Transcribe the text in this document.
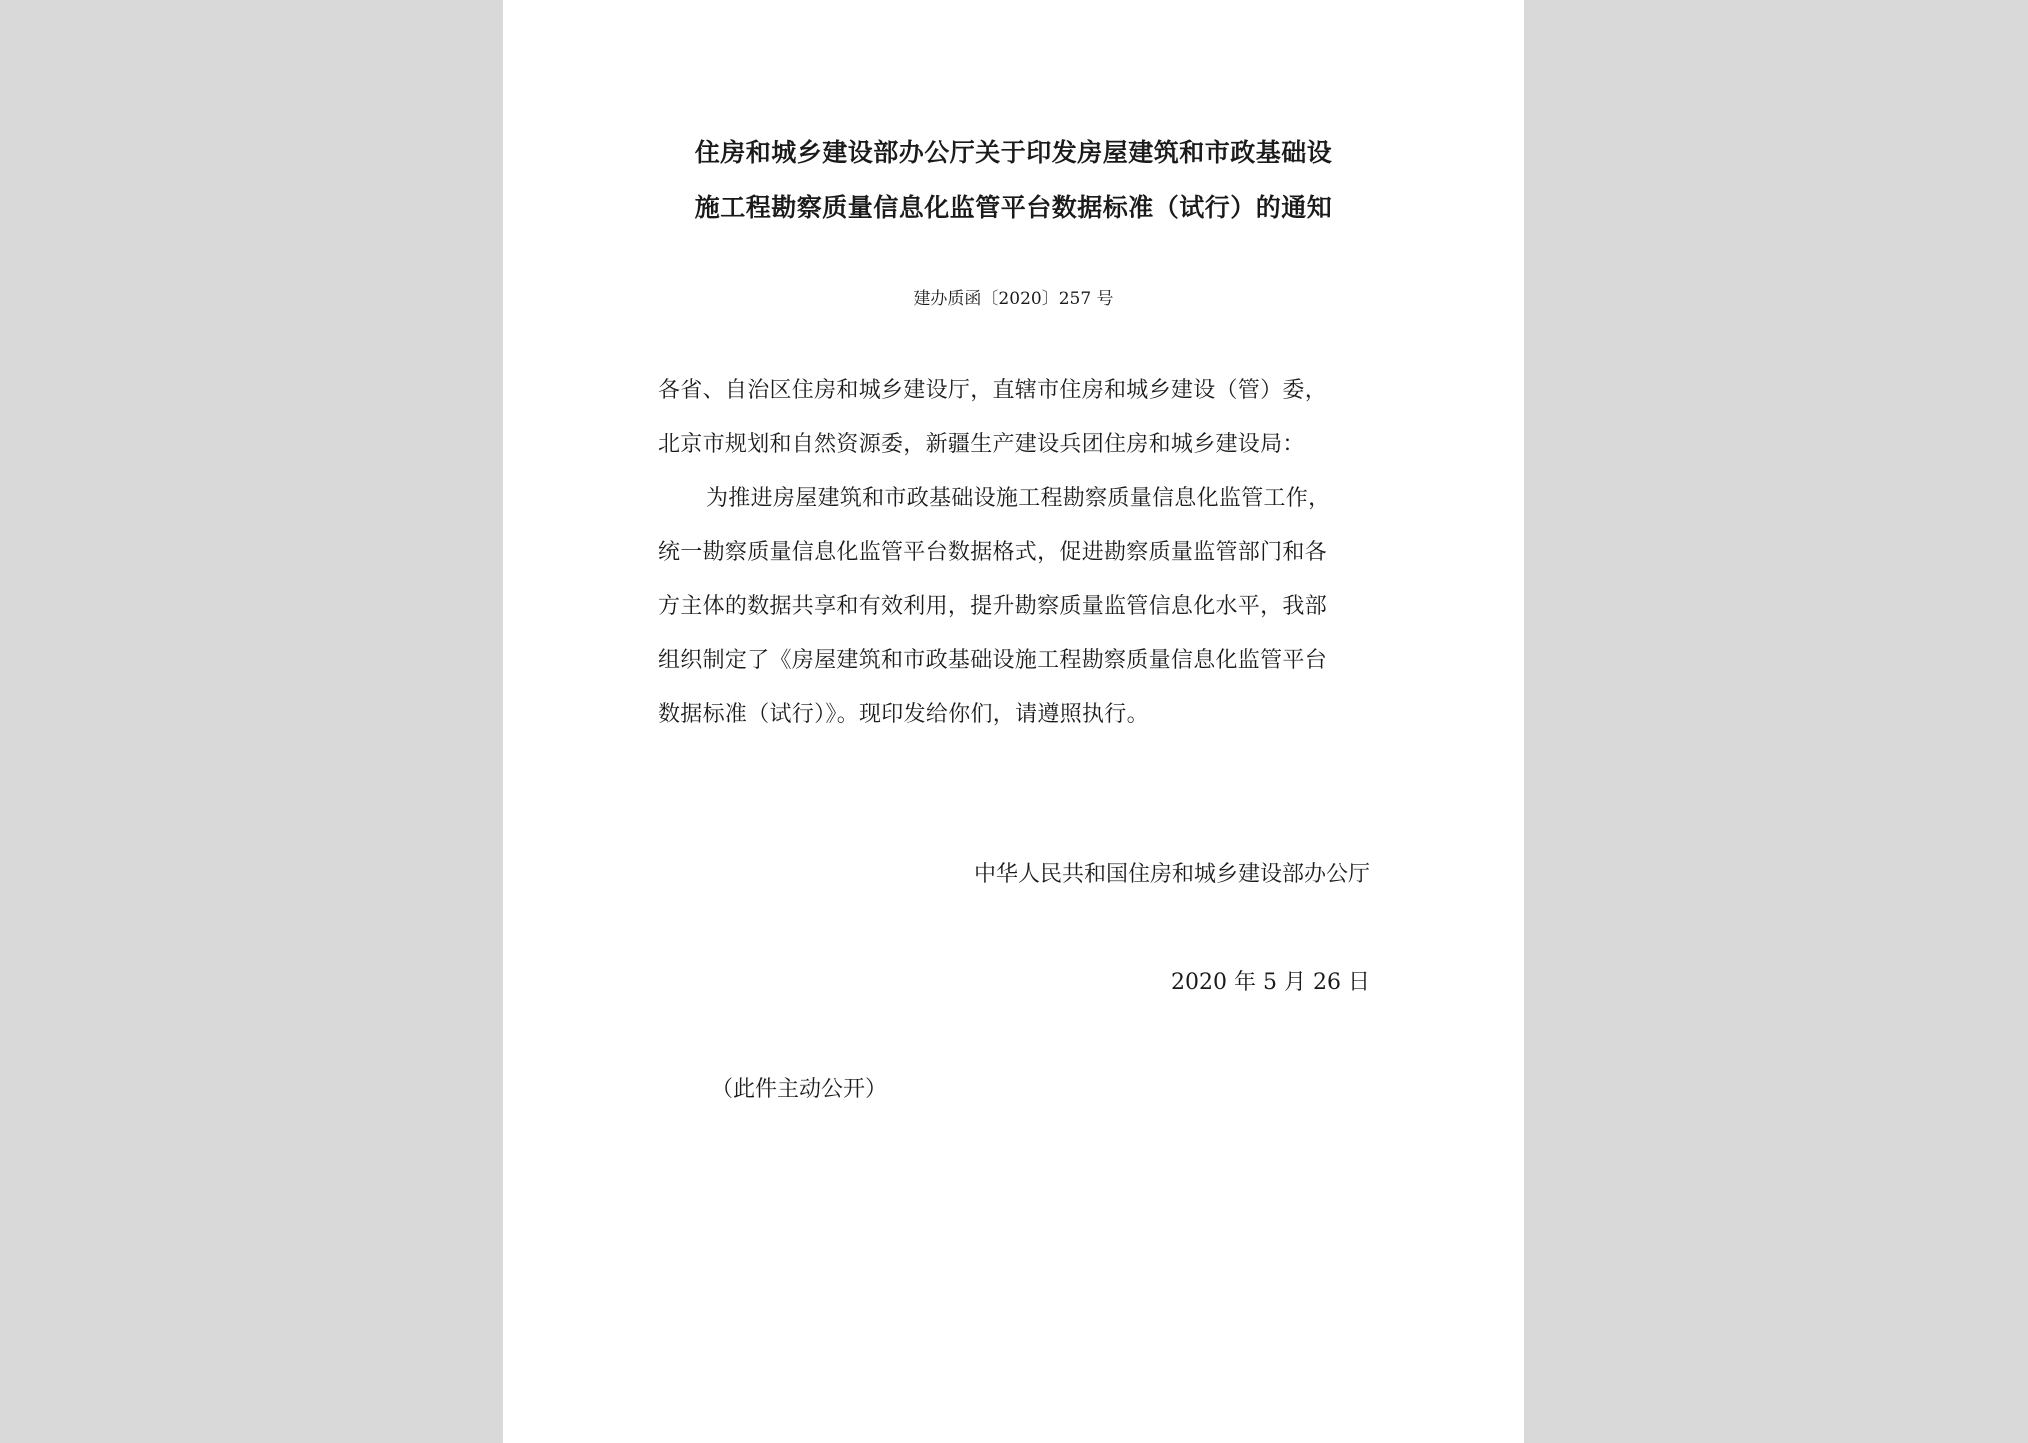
住房和城乡建设部办公厅关于印发房屋建筑和市政基础设
施工程勘察质量信息化监管平台数据标准（试行）的通知
建办质函〔2020〕257 号
各省、自治区住房和城乡建设厅，直辖市住房和城乡建设（管）委，
北京市规划和自然资源委，新疆生产建设兵团住房和城乡建设局：
为推进房屋建筑和市政基础设施工程勘察质量信息化监管工作，
统一勘察质量信息化监管平台数据格式，促进勘察质量监管部门和各
方主体的数据共享和有效利用，提升勘察质量监管信息化水平，我部
组织制定了《房屋建筑和市政基础设施工程勘察质量信息化监管平台
数据标准（试行）》。现印发给你们，请遵照执行。
中华人民共和国住房和城乡建设部办公厅
2020 年 5 月 26 日
（此件主动公开）
